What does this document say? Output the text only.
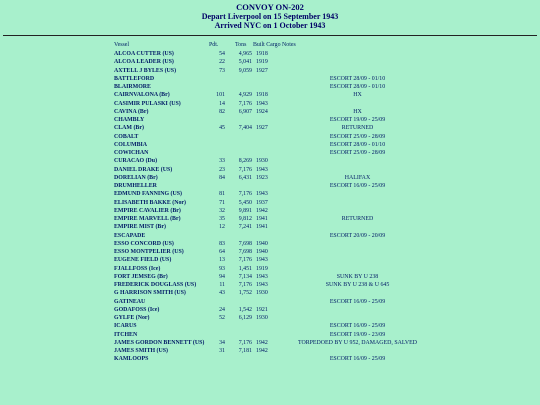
CONVOY ON-202
Depart Liverpool on 15 September 1943
Arrived NYC on 1 October 1943
Vessel	Pdt.	Tons	Built Cargo Notes
ALCOA CUTTER (US)	54	4,965 1918
ALCOA LEADER (US)	22	5,041 1919
AXTELL J BYLES (US)	73	9,059 1927
BATTLEFORD	ESCORT 28/09 - 01/10
BLAIRMORE	ESCORT 28/09 - 01/10
CAIRNVALONA (Br)	101	4,929 1918	HX
CASIMIR PULASKI (US)	14	7,176 1943
CAVINA (Br)	82	6,907 1924	HX
CHAMBLY	ESCORT 19/09 - 25/09
CLAM (Br)	45	7,404 1927	RETURNED
COBALT	ESCORT 25/09 - 28/09
COLUMBIA	ESCORT 28/09 - 01/10
COWICHAN	ESCORT 25/09 - 28/09
CURACAO (Du)	33	8,269 1930
DANIEL DRAKE (US)	23	7,176 1943
DORELIAN (Br)	84	6,431 1923	HALIFAX
DRUMHELLER	ESCORT 16/09 - 25/09
EDMUND FANNING (US)	81	7,176 1943
ELISABETH BAKKE (Nor)	71	5,450 1937
EMPIRE CAVALIER (Br)	32	9,891 1942
EMPIRE MARVELL (Br)	35	9,812 1941	RETURNED
EMPIRE MIST (Br)	12	7,241 1941
ESCAPADE	ESCORT 20/09 - 20/09
ESSO CONCORD (US)	83	7,698 1940
ESSO MONTPELIER (US)	64	7,698 1940
EUGENE FIELD (US)	13	7,176 1943
FJALLFOSS (Ice)	93	1,451 1919
FORT JEMSEG (Br)	94	7,134 1943	SUNK BY U 238
FREDERICK DOUGLASS (US)	11	7,176 1943	SUNK BY U 238 & U 645
G HARRISON SMITH (US)	43	1,752 1930
GATINEAU	ESCORT 16/09 - 25/09
GODAFOSS (Ice)	24	1,542 1921
GYLFE (Nor)	52	6,129 1930
ICARUS	ESCORT 16/09 - 25/09
ITCHEN	ESCORT 19/09 - 23/09
JAMES GORDON BENNETT (US)	34	7,176 1942	TORPEDOED BY U 952, DAMAGED, SALVED
JAMES SMITH (US)	31	7,181 1942
KAMLOOPS	ESCORT 16/09 - 25/09
